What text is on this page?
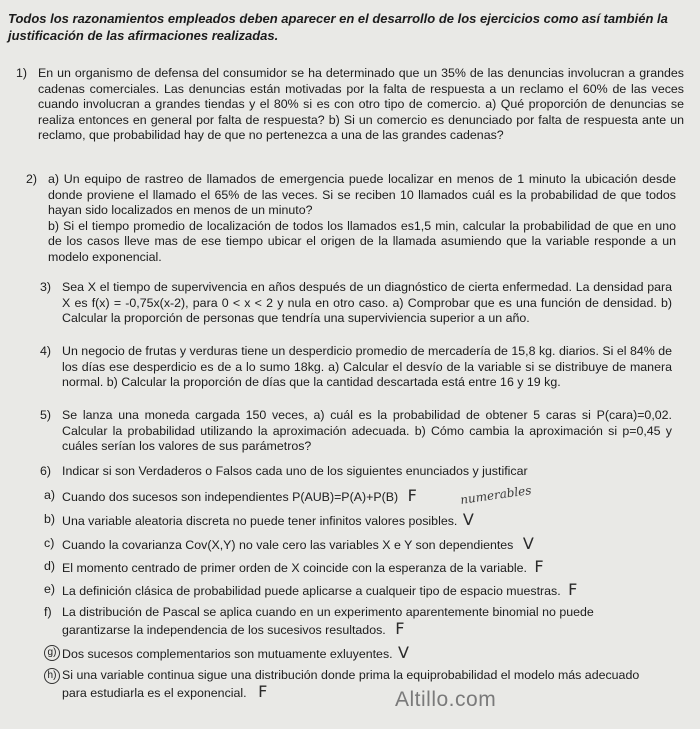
Todos los razonamientos empleados deben aparecer en el desarrollo de los ejercicios como así también la justificación de las afirmaciones realizadas.
1) En un organismo de defensa del consumidor se ha determinado que un 35% de las denuncias involucran a grandes cadenas comerciales. Las denuncias están motivadas por la falta de respuesta a un reclamo el 60% de las veces cuando involucran a grandes tiendas y el 80% si es con otro tipo de comercio. a) Qué proporción de denuncias se realiza entonces en general por falta de respuesta? b) Si un comercio es denunciado por falta de respuesta ante un reclamo, que probabilidad hay de que no pertenezca a una de las grandes cadenas?

2) a) Un equipo de rastreo de llamados de emergencia puede localizar en menos de 1 minuto la ubicación desde donde proviene el llamado el 65% de las veces. Si se reciben 10 llamados cuál es la probabilidad de que todos hayan sido localizados en menos de un minuto?

b) Si el tiempo promedio de localización de todos los llamados es1,5 min, calcular la probabilidad de que en uno de los casos lleve mas de ese tiempo ubicar el origen de la llamada asumiendo que la variable responde a un modelo exponencial.

3) Sea X el tiempo de supervivencia en años después de un diagnóstico de cierta enfermedad. La densidad para X es f(x) = -0,75x(x-2), para 0 < x < 2 y nula en otro caso. a) Comprobar que es una función de densidad. b) Calcular la proporción de personas que tendría una superviviencia superior a un año.

4) Un negocio de frutas y verduras tiene un desperdicio promedio de mercadería de 15,8 kg. diarios. Si el 84% de los días ese desperdicio es de a lo sumo 18kg. a) Calcular el desvío de la variable si se distribuye de manera normal. b) Calcular la proporción de días que la cantidad descartada está entre 16 y 19 kg.

5) Se lanza una moneda cargada 150 veces, a) cuál es la probabilidad de obtener 5 caras si P(cara)=0,02. Calcular la probabilidad utilizando la aproximación adecuada. b) Cómo cambia la aproximación si p=0,45 y cuáles serían los valores de sus parámetros?

6) Indicar si son Verdaderos o Falsos cada uno de los siguientes enunciados y justificar

a) Cuando dos sucesos son independientes P(AUB)=P(A)+P(B) F	numerables
b) Una variable aleatoria discreta no puede tener infinitos valores posibles. V
c) Cuando la covarianza Cov(X,Y) no vale cero las variables X e Y son dependientes V
d) El momento centrado de primer orden de X coincide con la esperanza de la variable. F
e) La definición clásica de probabilidad puede aplicarse a cualqueir tipo de espacio muestras. F
f) La distribución de Pascal se aplica cuando en un experimento aparentemente binomial no puede garantizarse la independencia de los sucesivos resultados. F
g) Dos sucesos complementarios son mutuamente exluyentes. V
h) Si una variable continua sigue una distribución donde prima la equiprobabilidad el modelo más adecuado para estudiarla es el exponencial. F	Altillo.com
